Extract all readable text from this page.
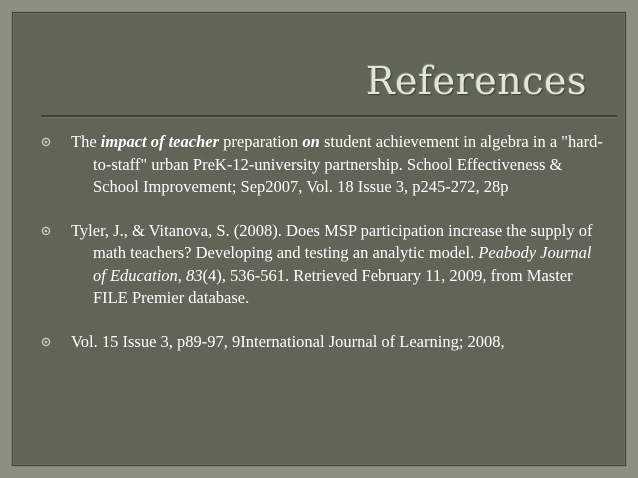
References
The impact of teacher preparation on student achievement in algebra in a "hard-to-staff" urban PreK-12-university partnership. School Effectiveness & School Improvement; Sep2007, Vol. 18 Issue 3, p245-272, 28p
Tyler, J., & Vitanova, S. (2008). Does MSP participation increase the supply of math teachers? Developing and testing an analytic model. Peabody Journal of Education, 83(4), 536-561. Retrieved February 11, 2009, from Master FILE Premier database.
Vol. 15 Issue 3, p89-97, 9International Journal of Learning; 2008,
